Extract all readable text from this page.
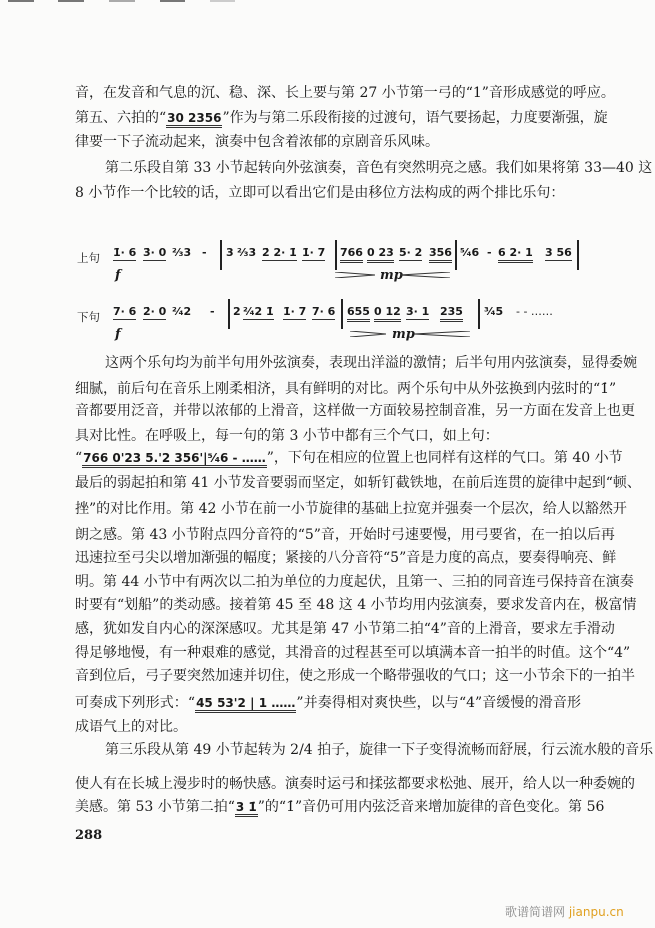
音，在发音和气息的沉、稳、深、长上要与第 27 小节第一弓的“1”音形成感觉的呼应。
第五、六拍的“30 2356”作为与第二乐段衔接的过渡句，语气要扬起，力度要渐强，旋
律要一下子流动起来，演奏中包含着浓郁的京剧音乐风味。
第二乐段自第 33 小节起转向外弦演奏，音色有突然明亮之感。我们如果将第 33—40 这
8 小节作一个比较的话，立即可以看出它们是由移位方法构成的两个排比乐句：
上句 1̇· 6 3̇· 0 ²⁄₃3 - 3 ²⁄₃3 2̇ 2· 1̇ 1̇· 7 766 0 23 5· 2 356 ⁵⁄₄6 - 6 2· 1 3 56
f	mp
下句 7· 6 2̇· 0 ²⁄₄2 - 2 ²⁄₄2 1̇ 1̇· 7 7· 6 655 0 12 3· 1 235 ³⁄₄5 - - ……
f	mp
这两个乐句均为前半句用外弦演奏，表现出洋溢的激情；后半句用内弦演奏，显得委婉
细腻，前后句在音乐上刚柔相济，具有鲜明的对比。两个乐句中从外弦换到内弦时的“1̇”
音都要用泛音，并带以浓郁的上滑音，这样做一方面较易控制音准，另一方面在发音上也更
具对比性。在呼吸上，每一句的第 3 小节中都有三个气口，如上句：
“766 0'23 5.'2 356'|⁵⁄₄6 - ……”，下句在相应的位置上也同样有这样的气口。第 40 小节
最后的弱起拍和第 41 小节发音要弱而坚定，如斩钉截铁地，在前后连贯的旋律中起到“顿、
挫”的对比作用。第 42 小节在前一小节旋律的基础上拉宽并强奏一个层次，给人以豁然开
朗之感。第 43 小节附点四分音符的“5”音，开始时弓速要慢，用弓要省，在一拍以后再
迅速拉至弓尖以增加渐强的幅度；紧接的八分音符“5̇”音是力度的高点，要奏得响亮、鲜
明。第 44 小节中有两次以二拍为单位的力度起伏，且第一、三拍的同音连弓保持音在演奏
时要有“划船”的类动感。接着第 45 至 48 这 4 小节均用内弦演奏，要求发音内在，极富情
感，犹如发自内心的深深感叹。尤其是第 47 小节第二拍“4”音的上滑音，要求左手滑动
得足够地慢，有一种艰难的感觉，其滑音的过程甚至可以填满本音一拍半的时值。这个“4”
音到位后，弓子要突然加速并切住，使之形成一个略带强收的气口；这一小节余下的一拍半
可奏成下列形式：“45 53'2 | 1 ……”并奏得相对爽快些，以与“4”音缓慢的滑音形
成语气上的对比。
第三乐段从第 49 小节起转为 2/4 拍子，旋律一下子变得流畅而舒展，行云流水般的音乐
使人有在长城上漫步时的畅快感。演奏时运弓和揉弦都要求松弛、展开，给人以一种委婉的
美感。第 53 小节第二拍“3 1̇”的“1̇”音仍可用内弦泛音来增加旋律的音色变化。第 56
288
歌谱简谱网 jianpu.cn
